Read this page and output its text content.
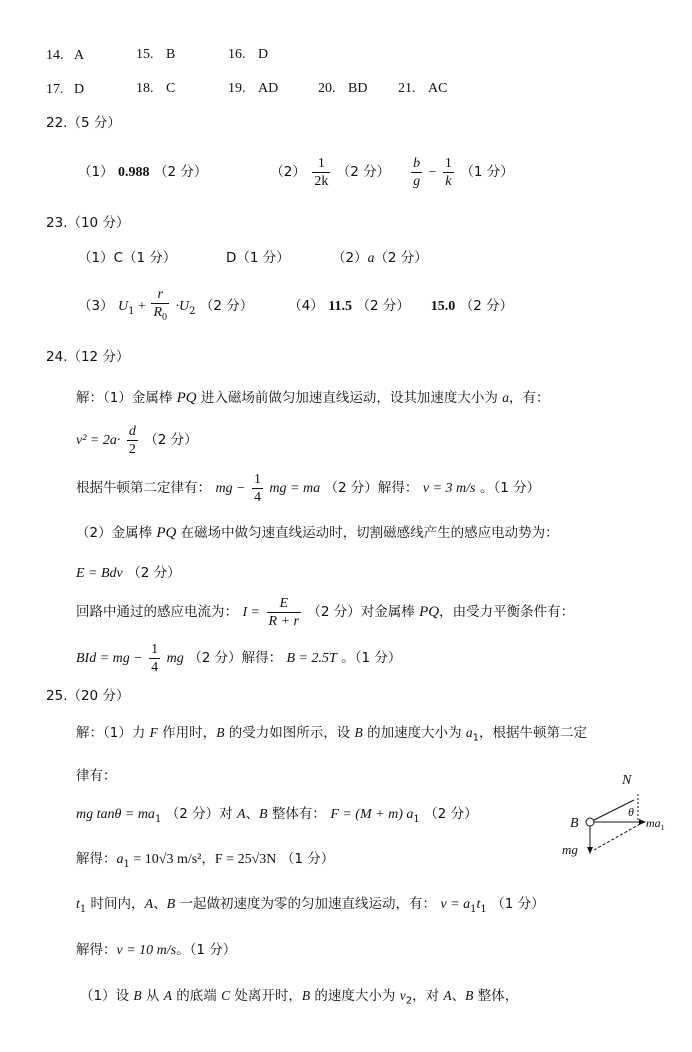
14. A	15. B	16. D
17. D	18. C	19. AD	20. BD 21. AC
22.（5 分）
（1） 0.988 （2 分）	$(2) \frac{1}{2k} (2$ 分） $\frac{b}{g} - \frac{1}{k} (1$ 分）
23.（10 分）
（1）C（1 分）	D（1 分）	（2）a（2 分）
（3） $U_1 + \frac{r}{R_0} \cdot U_2$ （2 分）	（4） 11.5 （2 分） 15.0 （2 分）
24.（12 分）
解：（1）金属棒 PQ 进入磁场前做匀加速直线运动，设其加速度大小为 a，有：
$v^2 = 2a\cdot \frac{d}{2} (2$ 分）
根据牛顿第二定律有： mg − $\frac{1}{4}$ mg = ma （2 分）解得： v = 3 m/s 。（1 分）
（2）金属棒 PQ 在磁场中做匀速直线运动时，切割磁感线产生的感应电动势为：
E = Bdv （2 分）
回路中通过的感应电流为： $I = \frac{E}{R + r} (2$ 分）对金属棒 PQ，由受力平衡条件有：
BId = mg − $\frac{1}{4}$ mg （2 分）解得： B = 2.5T 。（1 分）
25.（20 分）
解：（1）力 F 作用时，B 的受力如图所示，设 B 的加速度大小为 $a_1$，根据牛顿第二定
律有：
mg $\tan\theta = ma_1$ （2 分）对 A、B 整体有： F = (M + m) $a_1$ （2 分）
解得：$a_1 = 10√3$ m/s²，F = 25√3N （1 分）
$t_1$ 时间内，A、B 一起做初速度为零的匀加速直线运动，有： $v = a_1t_1$ （1 分）
解得：v = 10 m/s。（1 分）
（1）设 B 从 A 的底端 C 处离开时，B 的速度大小为 $v_2$，对 A、B 整体，
N
θ
B	$ma_1$
mg
